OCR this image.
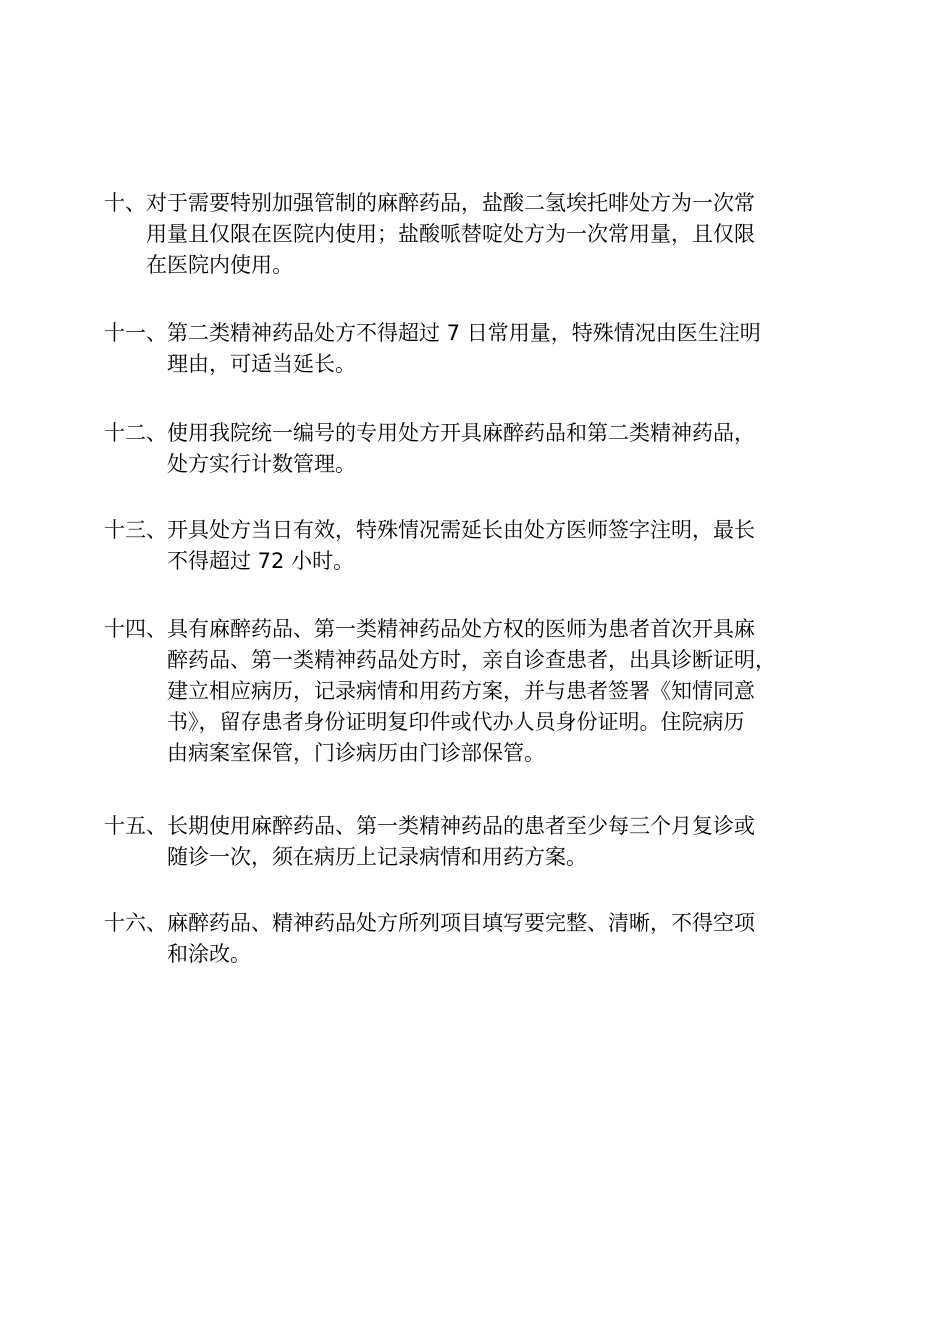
十、 对于需要特别加强管制的麻醉药品，盐酸二氢埃托啡处方为一次常
用量且仅限在医院内使用；盐酸哌替啶处方为一次常用量，且仅限
在医院内使用。
十一、 第二类精神药品处方不得超过 7 日常用量，特殊情况由医生注明
理由，可适当延长。
十二、 使用我院统一编号的专用处方开具麻醉药品和第二类精神药品，
处方实行计数管理。
十三、 开具处方当日有效，特殊情况需延长由处方医师签字注明，最长
不得超过 72 小时。
十四、 具有麻醉药品、第一类精神药品处方权的医师为患者首次开具麻
醉药品、第一类精神药品处方时，亲自诊查患者，出具诊断证明，
建立相应病历，记录病情和用药方案，并与患者签署《知情同意
书》，留存患者身份证明复印件或代办人员身份证明。住院病历
由病案室保管，门诊病历由门诊部保管。
十五、 长期使用麻醉药品、第一类精神药品的患者至少每三个月复诊或
随诊一次，须在病历上记录病情和用药方案。
十六、 麻醉药品、精神药品处方所列项目填写要完整、清晰，不得空项
和涂改。
